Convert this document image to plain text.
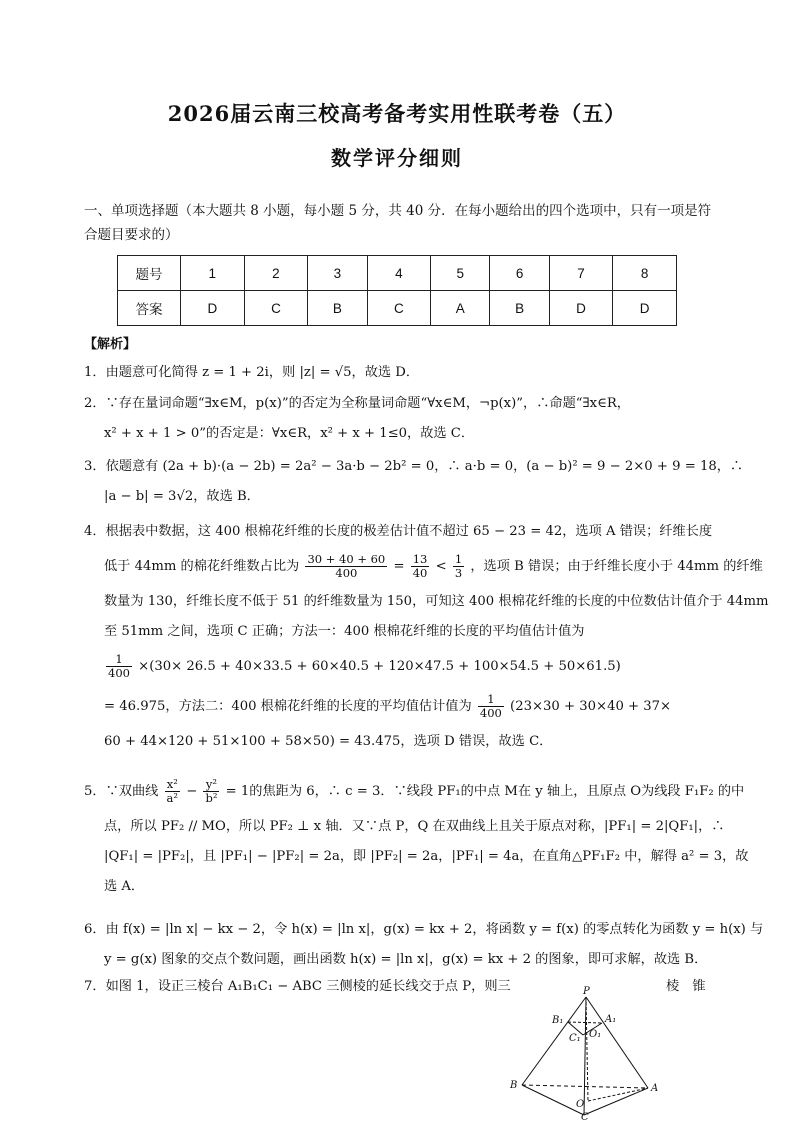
2026届云南三校高考备考实用性联考卷（五）
数学评分细则
一、单项选择题（本大题共 8 小题，每小题 5 分，共 40 分．在每小题给出的四个选项中，只有一项是符合题目要求的）
题号	1	2	3	4	5	6	7	8
答案	D	C	B	C	A	B	D	D
【解析】
1．由题意可化简得 z = 1 + 2i，则 |z| = √5，故选 D．
2．∵存在量词命题“∃x∈M，p(x)”的否定为全称量词命题“∀x∈M，¬p(x)”，∴命题“∃x∈R，
x² + x + 1 > 0”的否定是：∀x∈R，x² + x + 1≤0，故选 C．
3．依题意有 (2a + b)·(a − 2b) = 2a² − 3a·b − 2b² = 0，∴ a·b = 0，(a − b)² = 9 − 2×0 + 9 = 18，∴
|a − b| = 3√2，故选 B．
4．根据表中数据，这 400 根棉花纤维的长度的极差估计值不超过 65 − 23 = 42，选项 A 错误；纤维长度
低于 44mm 的棉花纤维数占比为 $\frac{30 + 40 + 60}{400} = \frac{13}{40} < \frac{1}{3}$ ，选项 B 错误；由于纤维长度小于 44mm 的纤维
数量为 130，纤维长度不低于 51 的纤维数量为 150，可知这 400 根棉花纤维的长度的中位数估计值介于 44mm
至 51mm 之间，选项 C 正确；方法一：400 根棉花纤维的长度的平均值估计值为
$\frac{1}{400} \times(30\times 26.5 + 40\times 33.5 + 60\times 40.5 + 120\times 47.5 + 100\times 54.5 + 50\times 61.5)$
= 46.975，方法二：400 根棉花纤维的长度的平均值估计值为 $\frac{1}{400} (23\times 30 + 30\times 40 + 37\times$
60 + 44×120 + 51×100 + 58×50) = 43.475，选项 D 错误，故选 C．
5．∵双曲线 $\frac{\text{x²}}{\text{a²}} - \frac{\text{y²}}{\text{b²}} = 1$的焦距为 6，∴ c = 3．∵线段 PF₁的中点 M在 y 轴上，且原点 O为线段 F₁F₂ 的中
点，所以 PF₂ // MO，所以 PF₂ ⊥ x 轴．又∵点 P，Q 在双曲线上且关于原点对称，|PF₁| = 2|QF₁|，∴
|QF₁| = |PF₂|，且 |PF₁| − |PF₂| = 2a，即 |PF₂| = 2a，|PF₁| = 4a，在直角△PF₁F₂ 中，解得 a² = 3，故
选 A．
6．由 f(x) = |ln x| − kx − 2，令 h(x) = |ln x|，g(x) = kx + 2，将函数 y = f(x) 的零点转化为函数 y = h(x) 与
y = g(x) 图象的交点个数问题，画出函数 h(x) = |ln x|，g(x) = kx + 2 的图象，即可求解，故选 B．
7．如图 1，设正三棱台 A₁B₁C₁ − ABC 三侧棱的延长线交于点 P，则三	棱　锥
P
B₁	A₁
C₁ O₁
B	A
O
C
